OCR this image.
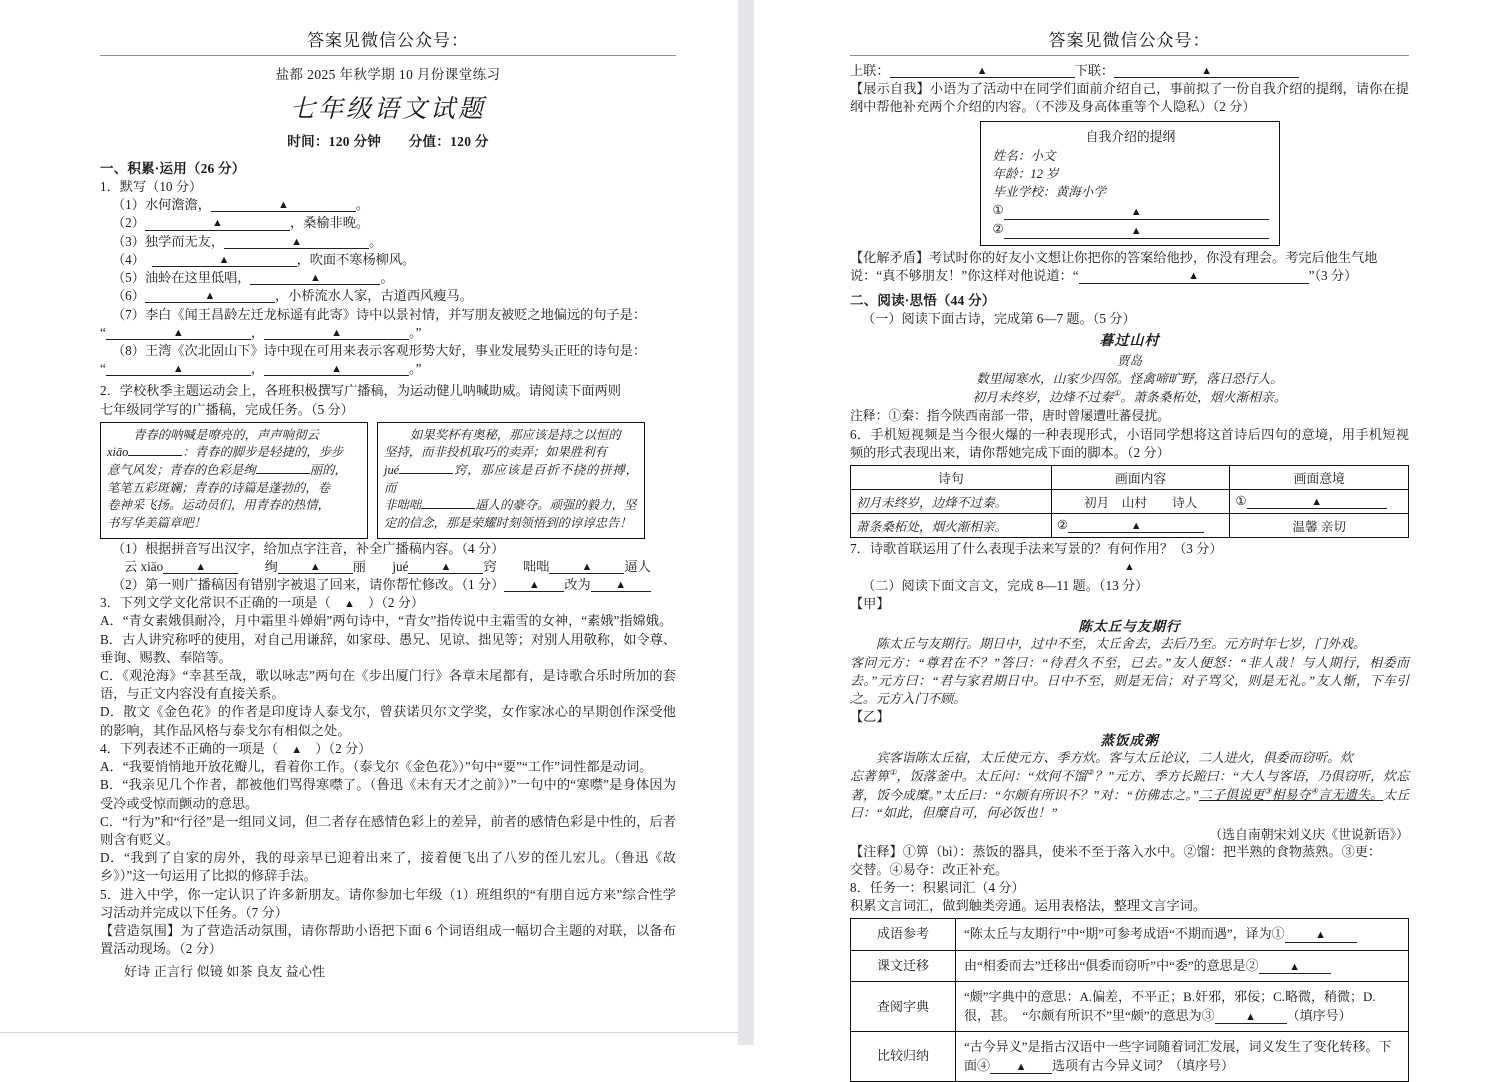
答案见微信公众号：
盐都 2025 年秋学期 10 月份课堂练习
七年级语文试题
时间：120 分钟　　分值：120 分
一、积累·运用（26 分）

1．默写（10 分）

（1）水何澹澹，	▲	。

（2）	▲	，桑榆非晚。

（3）独学而无友，	▲	。

（4）　	▲	，吹面不寒杨柳风。

（5）油蛉在这里低唱，	▲	。

（6）	▲	，小桥流水人家，古道西风瘦马。

（7）李白《闻王昌龄左迁龙标遥有此寄》诗中以景衬情，并写朋友被贬之地偏远的句子是：

“	▲	，	▲	。”

（8）王湾《次北固山下》诗中现在可用来表示客观形势大好，事业发展势头正旺的诗句是：

“	▲	，	▲	。”

2．学校秋季主题运动会上，各班积极撰写广播稿，为运动健儿呐喊助威。请阅读下面两则

七年级同学写的广播稿，完成任务。（5 分）

青春的呐喊是嘹亮的，声声响彻云

xiāo	：青春的脚步是轻捷的，步步

意气风发；青春的色彩是绚	丽的，

笔笔五彩斑斓；青春的诗篇是蓬勃的，卷

卷神采飞扬。运动员们，用青春的热情，

书写华美篇章吧！

如果奖杯有奥秘，那应该是持之以恒的

坚持，而非投机取巧的卖弄；如果胜利有

jué	窍，那应该是百折不挠的拼搏，而

非咄咄	逼人的豪夺。顽强的毅力，坚

定的信念，那是荣耀时刻领悟到的谆谆忠告！

（1）根据拼音写出汉字，给加点字注音，补全广播稿内容。（4 分）

云 xiāo	▲　　	绚	▲ 丽　　 jué	▲ 窍　　 咄咄	▲ 逼人

（2）第一则广播稿因有错别字被退了回来，请你帮忙修改。（1 分） ▲ 改为 ▲

3．下列文学文化常识不正确的一项是（　 ▲　 ）（2 分）

A．“青女素娥俱耐冷，月中霜里斗婵娟”两句诗中，“青女”指传说中主霜雪的女神，“素娥”指嫦娥。

B．古人讲究称呼的使用，对自己用谦辞，如家母、愚兄、见谅、拙见等；对别人用敬称，如令尊、垂询、赐教、奉陪等。

C．《观沧海》“幸甚至哉，歌以咏志”两句在《步出厦门行》各章末尾都有，是诗歌合乐时所加的套语，与正文内容没有直接关系。

D．散文《金色花》的作者是印度诗人泰戈尔，曾获诺贝尔文学奖，女作家冰心的早期创作深受他的影响，其作品风格与泰戈尔有相似之处。

4．下列表述不正确的一项是（　 ▲　 ）（2 分）

A．“我要悄悄地开放花瓣儿，看着你工作。（泰戈尔《金色花》）”句中“要”“工作”词性都是动词。

B．“我亲见几个作者，都被他们骂得寒噤了。（鲁迅《未有天才之前》）”一句中的“寒噤”是身体因为受冷或受惊而颤动的意思。

C．“行为”和“行径”是一组同义词，但二者存在感情色彩上的差异，前者的感情色彩是中性的，后者则含有贬义。

D．“我到了自家的房外，我的母亲早已迎着出来了，接着便飞出了八岁的侄儿宏儿。（鲁迅《故乡》）”这一句运用了比拟的修辞手法。

5．进入中学，你一定认识了许多新朋友。请你参加七年级（1）班组织的“有朋自远方来”综合性学习活动并完成以下任务。（7 分）

【营造氛围】为了营造活动氛围，请你帮助小语把下面 6 个词语组成一幅切合主题的对联，以备布置活动现场。（2 分）

好诗 正言行 似镜 如茶 良友 益心性

答案见微信公众号：

上联：	▲	下联：	▲

【展示自我】小语为了活动中在同学们面前介绍自己，事前拟了一份自我介绍的提纲，请你在提纲中帮他补充两个介绍的内容。（不涉及身高体重等个人隐私）（2 分）

自我介绍的提纲
姓名：小文
年龄：12 岁
毕业学校：黄海小学
①	▲
②	▲

【化解矛盾】考试时你的好友小文想让你把你的答案给他抄，你没有理会。考完后他生气地

说：“真不够朋友！”你这样对他说道：“	▲	”（3 分）

二、阅读·思悟（44 分）

（一）阅读下面古诗，完成第 6—7 题。（5 分）

暮过山村
贾岛

数里闻寒水，山家少四邻。怪禽啼旷野，落日恐行人。

初月未终岁，边烽不过秦①。萧条桑柘处，烟火渐相亲。

注释：①秦：指今陕西南部一带，唐时曾屡遭吐蕃侵扰。

6．手机短视频是当今很火爆的一种表现形式，小语同学想将这首诗后四句的意境，用手机短视频的形式表现出来，请你帮她完成下面的脚本。（2 分）

诗句	画面内容	画面意境
初月未终岁，边烽不过秦。	初月　山村　　诗人	① ▲
萧条桑柘处，烟火渐相亲。	② ▲	温馨 亲切

7．诗歌首联运用了什么表现手法来写景的？有何作用？（3 分）

▲

（二）阅读下面文言文，完成 8—11 题。（13 分）

【甲】

陈太丘与友期行

陈太丘与友期行。期日中，过中不至，太丘舍去，去后乃至。元方时年七岁，门外戏。

客问元方：“尊君在不？”答曰：“待君久不至，已去。”友人便怒：“非人哉！与人期行，相委而去。”元方曰：“君与家君期日中。日中不至，则是无信；对子骂父，则是无礼。”友人惭，下车引之。元方入门不顾。

【乙】

蒸饭成粥

宾客诣陈太丘宿，太丘使元方、季方炊。客与太丘论议，二人进火，俱委而窃听。炊

忘著箅①，饭落釜中。太丘问：“炊何不馏②？”元方、季方长跪曰：“大人与客语，乃俱窃听，炊忘著，饭今成糜。”太丘曰：“尔颇有所识不？”对：“仿佛志之。”二子俱说更③相易夺④言无遗失。太丘曰：“如此，但糜自可，何必饭也！”

（选自南朝宋刘义庆《世说新语》）

【注释】①箅（bì）：蒸饭的器具，使米不至于落入水中。②馏：把半熟的食物蒸熟。③更：

交替。④易夺：改正补充。

8．任务一：积累词汇（4 分）

积累文言词汇，做到触类旁通。运用表格法，整理文言字词。

成语参考	“陈太丘与友期行”中“期”可参考成语“不期而遇”，译为① ▲
课文迁移	由“相委而去”迁移出“俱委而窃听”中“委”的意思是② ▲
查阅字典	“颇”字典中的意思：A.偏差，不平正；B.奸邪，邪佞；C.略微，稍微；D.很，甚。　“尔颇有所识不”里“颇”的意思为③ ▲ （填序号）
比较归纳	“古今异义”是指古汉语中一些字词随着词汇发展，词义发生了变化转移。下面④ ▲ 选项有古今异义词？（填序号）
